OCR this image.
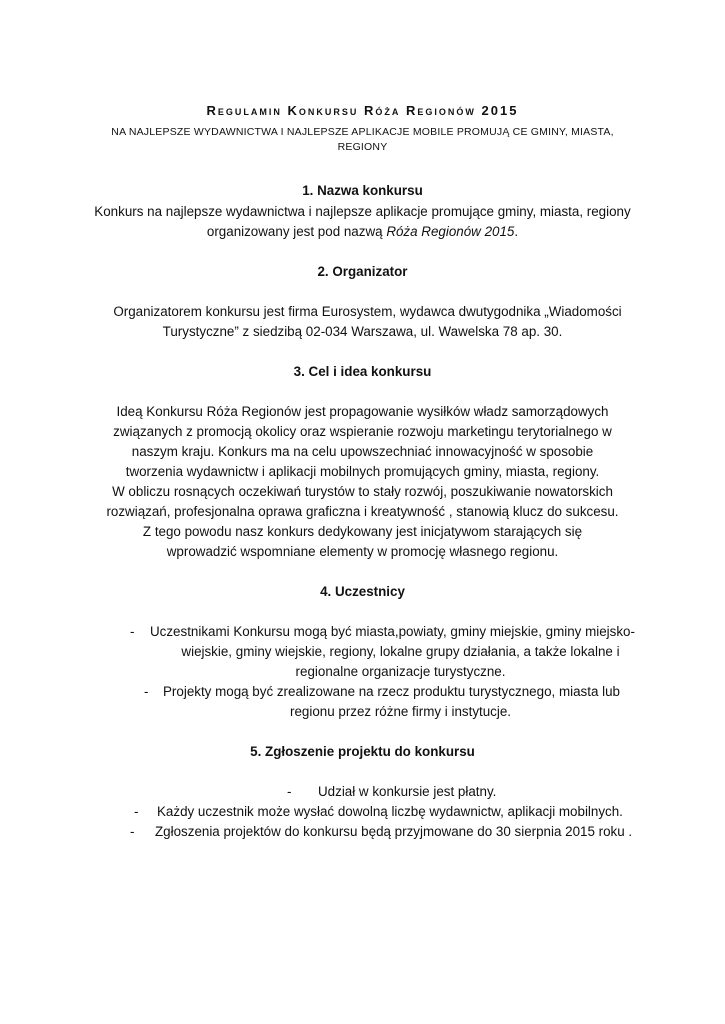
Regulamin Konkursu Róża Regionów 2015
NA NAJLEPSZE WYDAWNICTWA I NAJLEPSZE APLIKACJE MOBILE PROMUJĄ CE GMINY, MIASTA,
REGIONY
1. Nazwa konkursu
Konkurs na najlepsze wydawnictwa i najlepsze aplikacje promujące gminy, miasta, regiony
organizowany jest pod nazwą Róża Regionów 2015.
2. Organizator
Organizatorem konkursu jest firma Eurosystem, wydawca dwutygodnika „Wiadomości
Turystyczne” z siedzibą 02-034 Warszawa, ul. Wawelska 78 ap. 30.
3. Cel i idea konkursu
Ideą Konkursu Róża Regionów jest propagowanie wysiłków władz samorządowych
związanych z promocją okolicy oraz wspieranie rozwoju marketingu terytorialnego w
naszym kraju. Konkurs ma na celu upowszechniać innowacyjność w sposobie
tworzenia wydawnictw i aplikacji mobilnych promujących gminy, miasta, regiony.
W obliczu rosnących oczekiwań turystów to stały rozwój, poszukiwanie nowatorskich
rozwiązań, profesjonalna oprawa graficzna i kreatywność , stanowią klucz do sukcesu.
Z tego powodu nasz konkurs dedykowany jest inicjatywom starających się
wprowadzić wspomniane elementy w promocję własnego regionu.
4. Uczestnicy
- Uczestnikami Konkursu mogą być miasta,powiaty, gminy miejskie, gminy miejsko-
wiejskie, gminy wiejskie, regiony, lokalne grupy działania, a także lokalne i
regionalne organizacje turystyczne.
- Projekty mogą być zrealizowane na rzecz produktu turystycznego, miasta lub
regionu przez różne firmy i instytucje.
5. Zgłoszenie projektu do konkursu
- Udział w konkursie jest płatny.
- Każdy uczestnik może wysłać dowolną liczbę wydawnictw, aplikacji mobilnych.
- Zgłoszenia projektów do konkursu będą przyjmowane do 30 sierpnia 2015 roku .
